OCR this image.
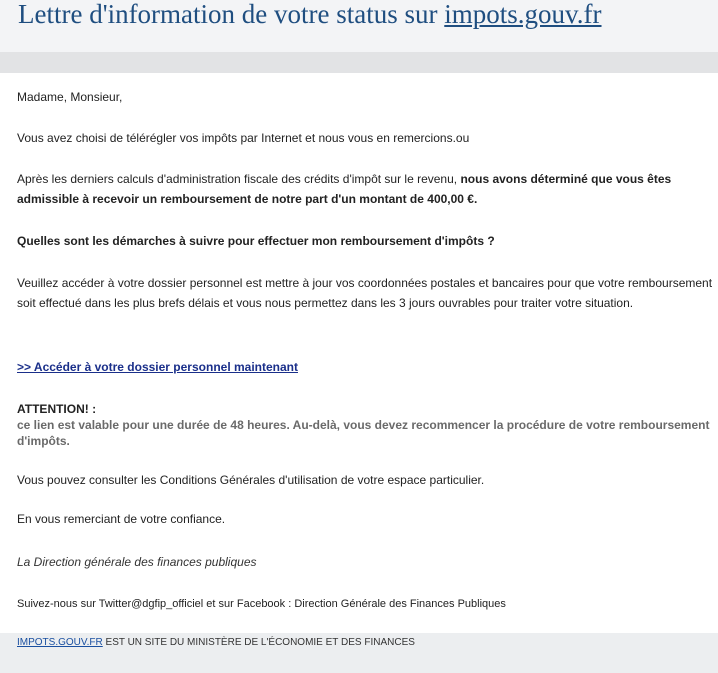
Lettre d'information de votre status sur impots.gouv.fr

Madame, Monsieur,

Vous avez choisi de télérégler vos impôts par Internet et nous vous en remercions.ou

Après les derniers calculs d'administration fiscale des crédits d'impôt sur le revenu, nous avons déterminé que vous êtes admissible à recevoir un remboursement de notre part d'un montant de 400,00 €.

Quelles sont les démarches à suivre pour effectuer mon remboursement d'impôts ?

Veuillez accéder à votre dossier personnel est mettre à jour vos coordonnées postales et bancaires pour que votre remboursement soit effectué dans les plus brefs délais et vous nous permettez dans les 3 jours ouvrables pour traiter votre situation.

>> Accéder à votre dossier personnel maintenant

ATTENTION! :

ce lien est valable pour une durée de 48 heures. Au-delà, vous devez recommencer la procédure de votre remboursement d'impôts.

Vous pouvez consulter les Conditions Générales d'utilisation de votre espace particulier.

En vous remerciant de votre confiance.

La Direction générale des finances publiques

Suivez-nous sur Twitter@dgfip_officiel et sur Facebook : Direction Générale des Finances Publiques

IMPOTS.GOUV.FR EST UN SITE DU MINISTÈRE DE L'ÉCONOMIE ET DES FINANCES
